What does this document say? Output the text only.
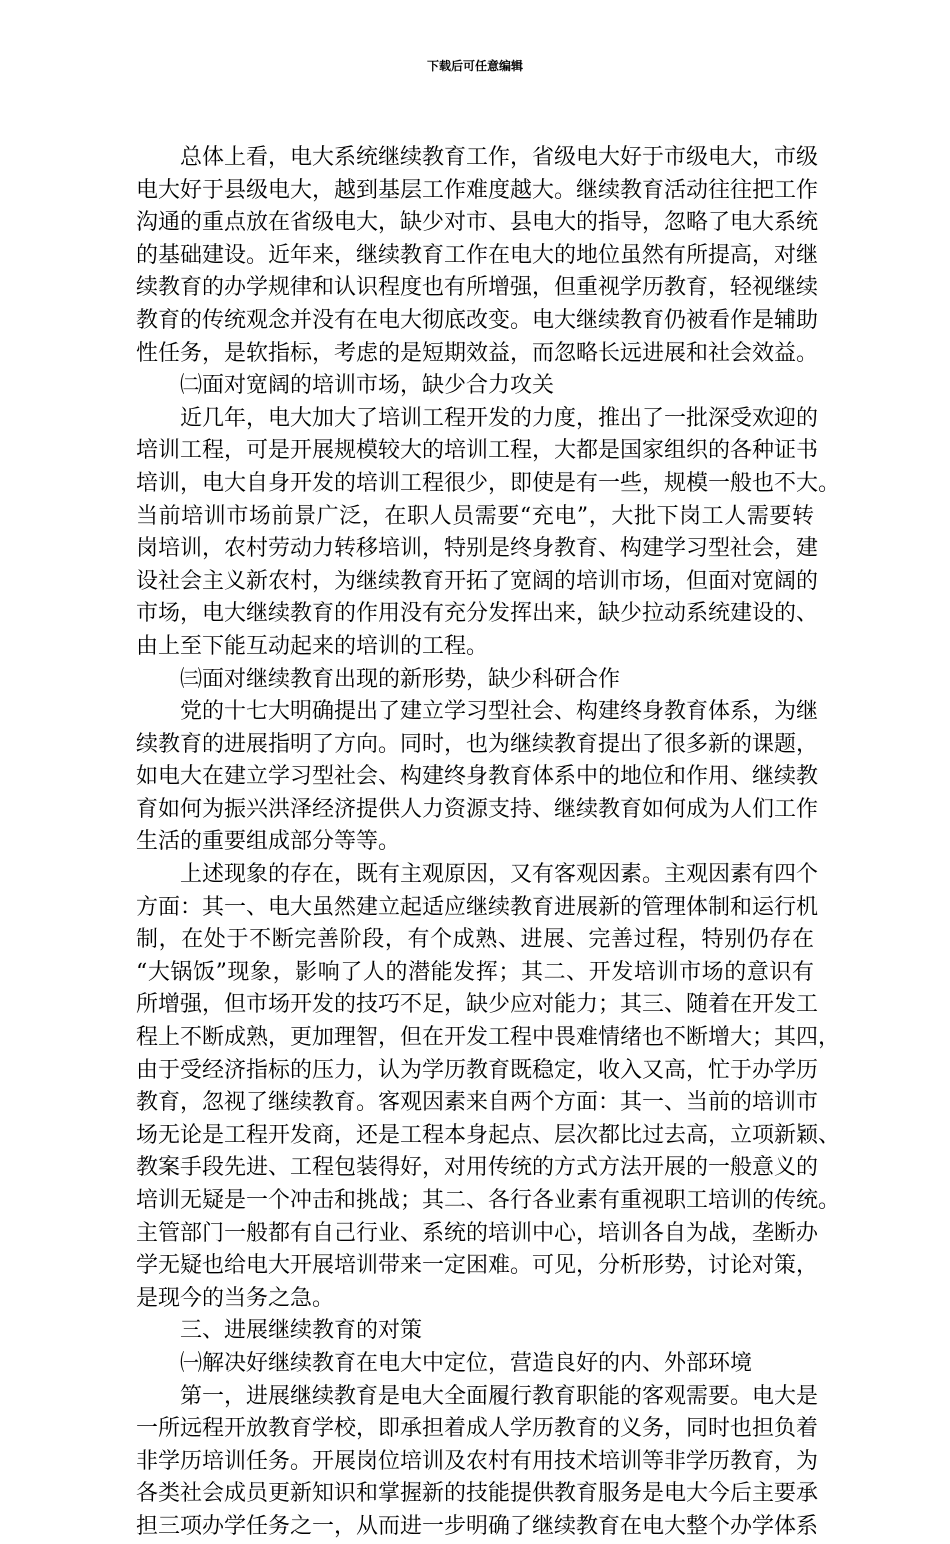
下载后可任意编辑
总体上看，电大系统继续教育工作，省级电大好于市级电大，市级
电大好于县级电大，越到基层工作难度越大。继续教育活动往往把工作
沟通的重点放在省级电大，缺少对市、县电大的指导，忽略了电大系统
的基础建设。近年来，继续教育工作在电大的地位虽然有所提高，对继
续教育的办学规律和认识程度也有所增强，但重视学历教育，轻视继续
教育的传统观念并没有在电大彻底改变。电大继续教育仍被看作是辅助
性任务，是软指标，考虑的是短期效益，而忽略长远进展和社会效益。
㈡面对宽阔的培训市场，缺少合力攻关
近几年，电大加大了培训工程开发的力度，推出了一批深受欢迎的
培训工程，可是开展规模较大的培训工程，大都是国家组织的各种证书
培训，电大自身开发的培训工程很少，即使是有一些，规模一般也不大。
当前培训市场前景广泛，在职人员需要“充电”，大批下岗工人需要转
岗培训，农村劳动力转移培训，特别是终身教育、构建学习型社会，建
设社会主义新农村，为继续教育开拓了宽阔的培训市场，但面对宽阔的
市场，电大继续教育的作用没有充分发挥出来，缺少拉动系统建设的、
由上至下能互动起来的培训的工程。
㈢面对继续教育出现的新形势，缺少科研合作
党的十七大明确提出了建立学习型社会、构建终身教育体系，为继
续教育的进展指明了方向。同时，也为继续教育提出了很多新的课题，
如电大在建立学习型社会、构建终身教育体系中的地位和作用、继续教
育如何为振兴洪泽经济提供人力资源支持、继续教育如何成为人们工作
生活的重要组成部分等等。
上述现象的存在，既有主观原因，又有客观因素。主观因素有四个
方面：其一、电大虽然建立起适应继续教育进展新的管理体制和运行机
制，在处于不断完善阶段，有个成熟、进展、完善过程，特别仍存在
“大锅饭”现象，影响了人的潜能发挥；其二、开发培训市场的意识有
所增强，但市场开发的技巧不足，缺少应对能力；其三、随着在开发工
程上不断成熟，更加理智，但在开发工程中畏难情绪也不断增大；其四，
由于受经济指标的压力，认为学历教育既稳定，收入又高，忙于办学历
教育，忽视了继续教育。客观因素来自两个方面：其一、当前的培训市
场无论是工程开发商，还是工程本身起点、层次都比过去高，立项新颖、
教案手段先进、工程包装得好，对用传统的方式方法开展的一般意义的
培训无疑是一个冲击和挑战；其二、各行各业素有重视职工培训的传统。
主管部门一般都有自己行业、系统的培训中心，培训各自为战，垄断办
学无疑也给电大开展培训带来一定困难。可见，分析形势，讨论对策，
是现今的当务之急。
三、进展继续教育的对策
㈠解决好继续教育在电大中定位，营造良好的内、外部环境
第一，进展继续教育是电大全面履行教育职能的客观需要。电大是
一所远程开放教育学校，即承担着成人学历教育的义务，同时也担负着
非学历培训任务。开展岗位培训及农村有用技术培训等非学历教育，为
各类社会成员更新知识和掌握新的技能提供教育服务是电大今后主要承
担三项办学任务之一，从而进一步明确了继续教育在电大整个办学体系
